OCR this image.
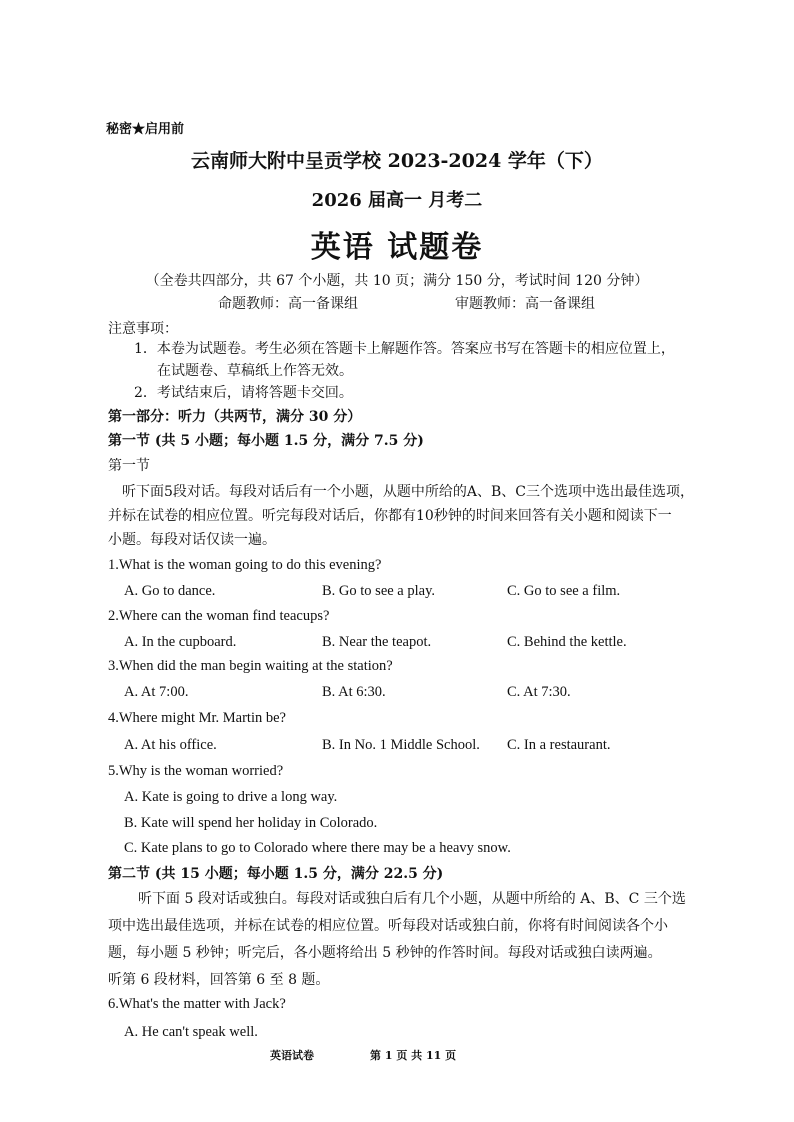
秘密★启用前
云南师大附中呈贡学校 2023-2024 学年（下）
2026 届高一 月考二
英语 试题卷
（全卷共四部分，共 67 个小题，共 10 页；满分 150 分，考试时间 120 分钟）
命题教师：高一备课组	审题教师：高一备课组
注意事项：
1．本卷为试题卷。考生必须在答题卡上解题作答。答案应书写在答题卡的相应位置上，
在试题卷、草稿纸上作答无效。
2．考试结束后，请将答题卡交回。
第一部分：听力（共两节，满分 30 分）
第一节 (共 5 小题；每小题 1.5 分，满分 7.5 分)
第一节
听下面5段对话。每段对话后有一个小题，从题中所给的A、B、C三个选项中选出最佳选项，
并标在试卷的相应位置。听完每段对话后，你都有10秒钟的时间来回答有关小题和阅读下一
小题。每段对话仅读一遍。
1.What is the woman going to do this evening?
A. Go to dance.	B. Go to see a play.	C. Go to see a film.
2.Where can the woman find teacups?
A. In the cupboard.	B. Near the teapot.	C. Behind the kettle.
3.When did the man begin waiting at the station?
A. At 7:00.	B. At 6:30.	C. At 7:30.
4.Where might Mr. Martin be?
A. At his office.	B. In No. 1 Middle School. C. In a restaurant.
5.Why is the woman worried?
A. Kate is going to drive a long way.
B. Kate will spend her holiday in Colorado.
C. Kate plans to go to Colorado where there may be a heavy snow.
第二节 (共 15 小题；每小题 1.5 分，满分 22.5 分)
听下面 5 段对话或独白。每段对话或独白后有几个小题，从题中所给的 A、B、C 三个选
项中选出最佳选项，并标在试卷的相应位置。听每段对话或独白前，你将有时间阅读各个小
题，每小题 5 秒钟；听完后，各小题将给出 5 秒钟的作答时间。每段对话或独白读两遍。
听第 6 段材料，回答第 6 至 8 题。
6.What's the matter with Jack?
A. He can't speak well.
英语试卷	第 1 页 共 11 页
